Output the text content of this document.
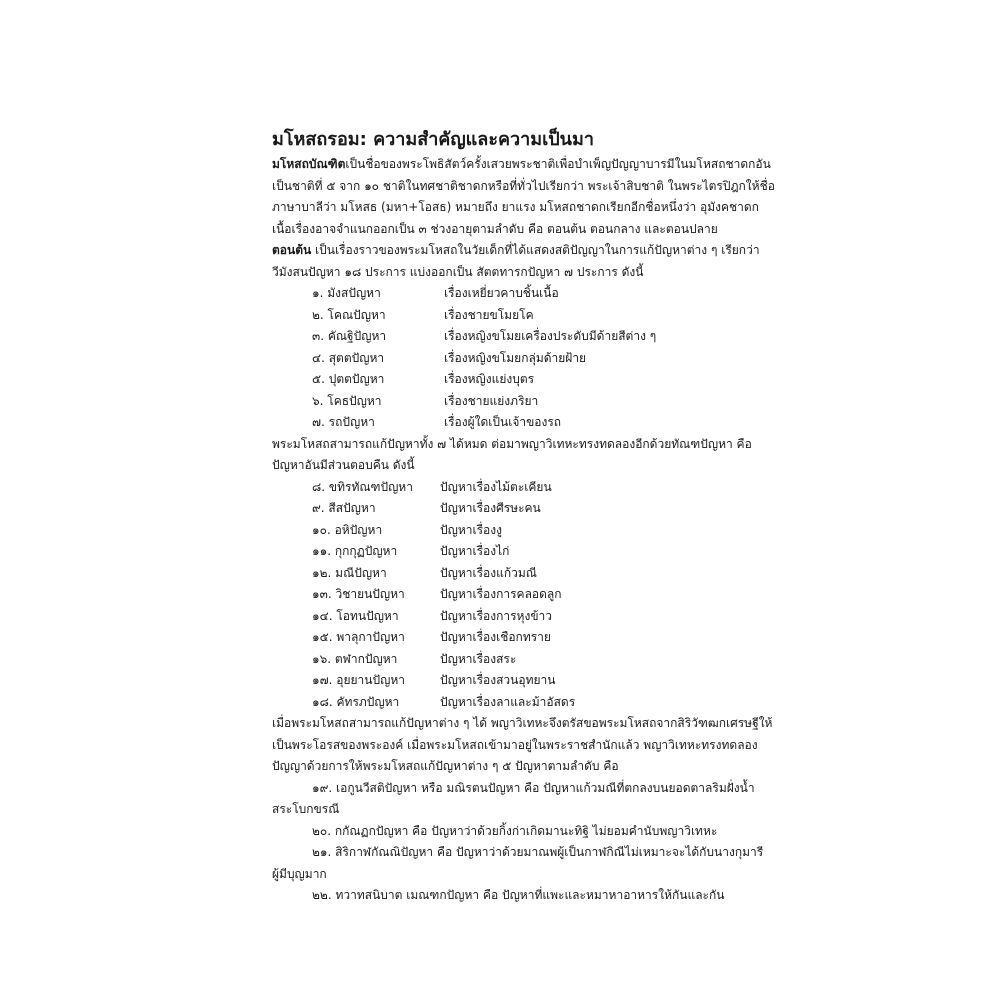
มโหสถรอม: ความสำคัญและความเป็นมา

มโหสถบัณฑิตเป็นชื่อของพระโพธิสัตว์ครั้งเสวยพระชาติเพื่อบำเพ็ญปัญญาบารมีในมโหสถชาดกอัน

เป็นชาติที่ ๕ จาก ๑๐ ชาติในทศชาติชาดกหรือที่ทั่วไปเรียกว่า พระเจ้าสิบชาติ ในพระไตรปิฎกให้ชื่อ

ภาษาบาลีว่า มโหสธ (มหา+โอสธ) หมายถึง ยาแรง มโหสถชาดกเรียกอีกชื่อหนึ่งว่า อุมังคชาดก

เนื้อเรื่องอาจจำแนกออกเป็น ๓ ช่วงอายุตามลำดับ คือ ตอนต้น ตอนกลาง และตอนปลาย

ตอนต้น เป็นเรื่องราวของพระมโหสถในวัยเด็กที่ได้แสดงสติปัญญาในการแก้ปัญหาต่าง ๆ เรียกว่า

วีมังสนปัญหา ๑๘ ประการ แบ่งออกเป็น สัตตทารกปัญหา ๗ ประการ ดังนี้

๑. มังสปัญหา	เรื่องเหยี่ยวคาบชิ้นเนื้อ
๒. โคณปัญหา	เรื่องชายขโมยโค
๓. คัณฐิปัญหา	เรื่องหญิงขโมยเครื่องประดับมีด้ายสีต่าง ๆ
๔. สุตตปัญหา	เรื่องหญิงขโมยกลุ่มด้ายฝ้าย
๕. ปุตตปัญหา	เรื่องหญิงแย่งบุตร
๖. โคธปัญหา	เรื่องชายแย่งภริยา
๗. รถปัญหา	เรื่องผู้ใดเป็นเจ้าของรถ

พระมโหสถสามารถแก้ปัญหาทั้ง ๗ ได้หมด ต่อมาพญาวิเทหะทรงทดลองอีกด้วยทัณฑปัญหา คือ

ปัญหาอันมีส่วนตอบคืน ดังนี้

๘. ขทิรทัณฑปัญหา	ปัญหาเรื่องไม้ตะเคียน
๙. สีสปัญหา	ปัญหาเรื่องศีรษะคน
๑๐. อหิปัญหา	ปัญหาเรื่องงู
๑๑. กุกกุฏปัญหา	ปัญหาเรื่องไก่
๑๒. มณีปัญหา	ปัญหาเรื่องแก้วมณี
๑๓. วิชายนปัญหา	ปัญหาเรื่องการคลอดลูก
๑๔. โอทนปัญหา	ปัญหาเรื่องการหุงข้าว
๑๕. พาลุกาปัญหา	ปัญหาเรื่องเชือกทราย
๑๖. ตฬากปัญหา	ปัญหาเรื่องสระ
๑๗. อุยยานปัญหา	ปัญหาเรื่องสวนอุทยาน
๑๘. คัทรภปัญหา	ปัญหาเรื่องลาและม้าอัสดร

เมื่อพระมโหสถสามารถแก้ปัญหาต่าง ๆ ได้ พญาวิเทหะจึงตรัสขอพระมโหสถจากสิริวัฑฒกเศรษฐีให้

เป็นพระโอรสของพระองค์ เมื่อพระมโหสถเข้ามาอยู่ในพระราชสำนักแล้ว พญาวิเทหะทรงทดลอง

ปัญญาด้วยการให้พระมโหสถแก้ปัญหาต่าง ๆ ๕ ปัญหาตามลำดับ คือ

๑๙. เอกูนวีสติปัญหา หรือ มณิรตนปัญหา คือ ปัญหาแก้วมณีที่ตกลงบนยอดตาลริมฝั่งน้ำ

สระโบกขรณี

๒๐. กกัณฏกปัญหา คือ ปัญหาว่าด้วยกิ้งก่าเกิดมานะทิฐิ ไม่ยอมคำนับพญาวิเทหะ

๒๑. สิริกาฬกัณณิปัญหา คือ ปัญหาว่าด้วยมาณพผู้เป็นกาฬกิณีไม่เหมาะจะได้กับนางกุมารี

ผู้มีบุญมาก

๒๒. ทวาทสนิบาต เมณฑกปัญหา คือ ปัญหาที่แพะและหมาหาอาหารให้กันและกัน
